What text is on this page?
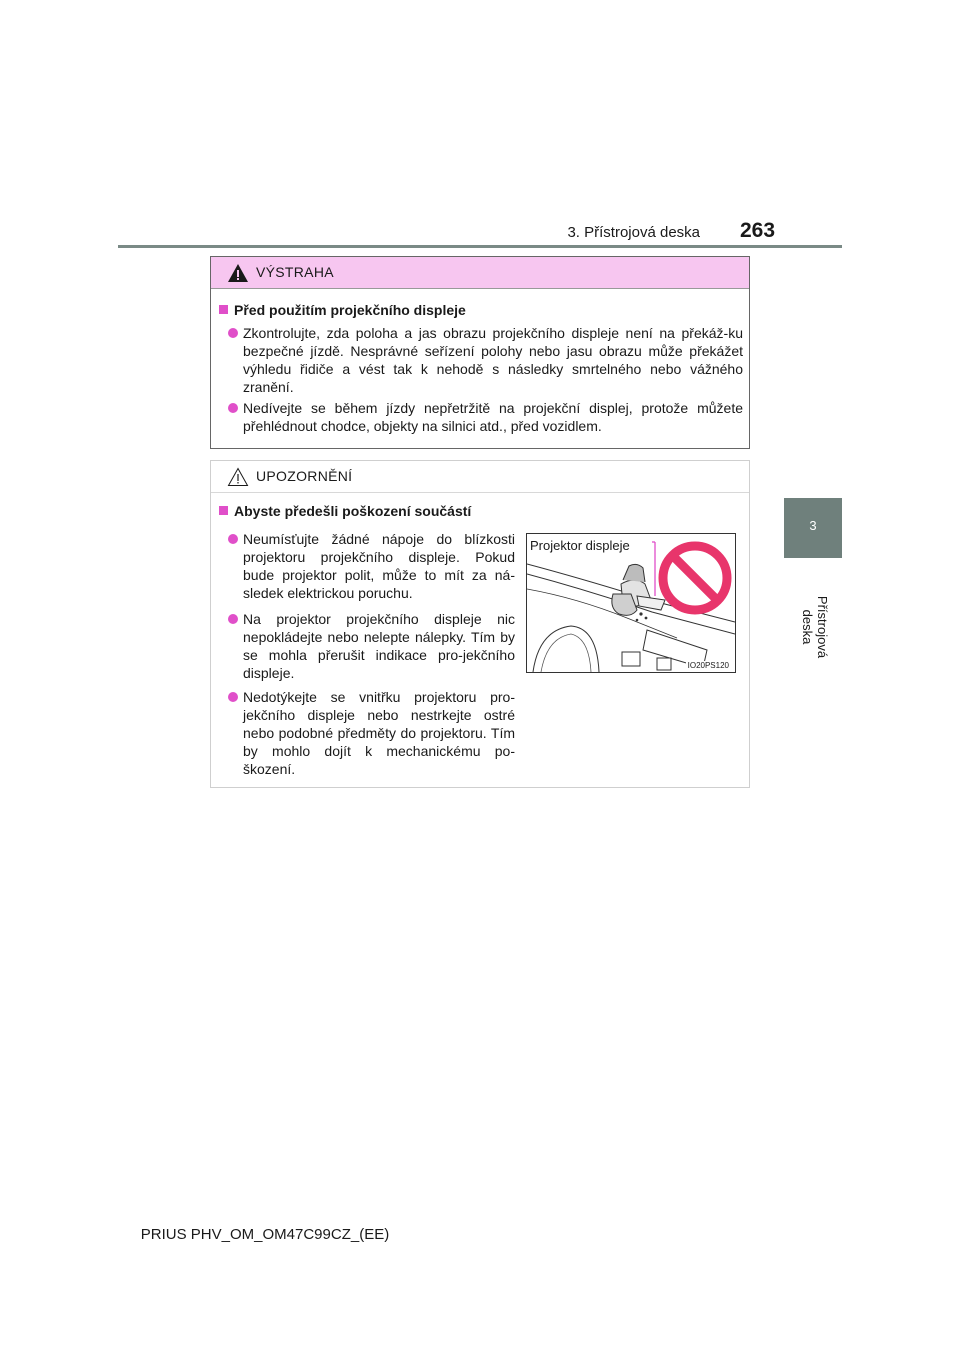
3. Přístrojová deska 263
3
Přístrojová deska
VÝSTRAHA
Před použitím projekčního displeje
Zkontrolujte, zda poloha a jas obrazu projekčního displeje není na překáž-ku bezpečné jízdě. Nesprávné seřízení polohy nebo jasu obrazu může překážet výhledu řidiče a vést tak k nehodě s následky smrtelného nebo vážného zranění.
Nedívejte se během jízdy nepřetržitě na projekční displej, protože můžete přehlédnout chodce, objekty na silnici atd., před vozidlem.
UPOZORNĚNÍ
Abyste předešli poškození součástí
Neumísťujte žádné nápoje do blízkosti projektoru projekčního displeje. Pokud bude projektor polit, může to mít za ná-sledek elektrickou poruchu.
Na projektor projekčního displeje nic nepokládejte nebo nelepte nálepky. Tím by se mohla přerušit indikace pro-jekčního displeje.
Nedotýkejte se vnitřku projektoru pro-jekčního displeje nebo nestrkejte ostré nebo podobné předměty do projektoru. Tím by mohlo dojít k mechanickému po-škození.
Projektor displeje
IO20PS120
PRIUS PHV_OM_OM47C99CZ_(EE)
